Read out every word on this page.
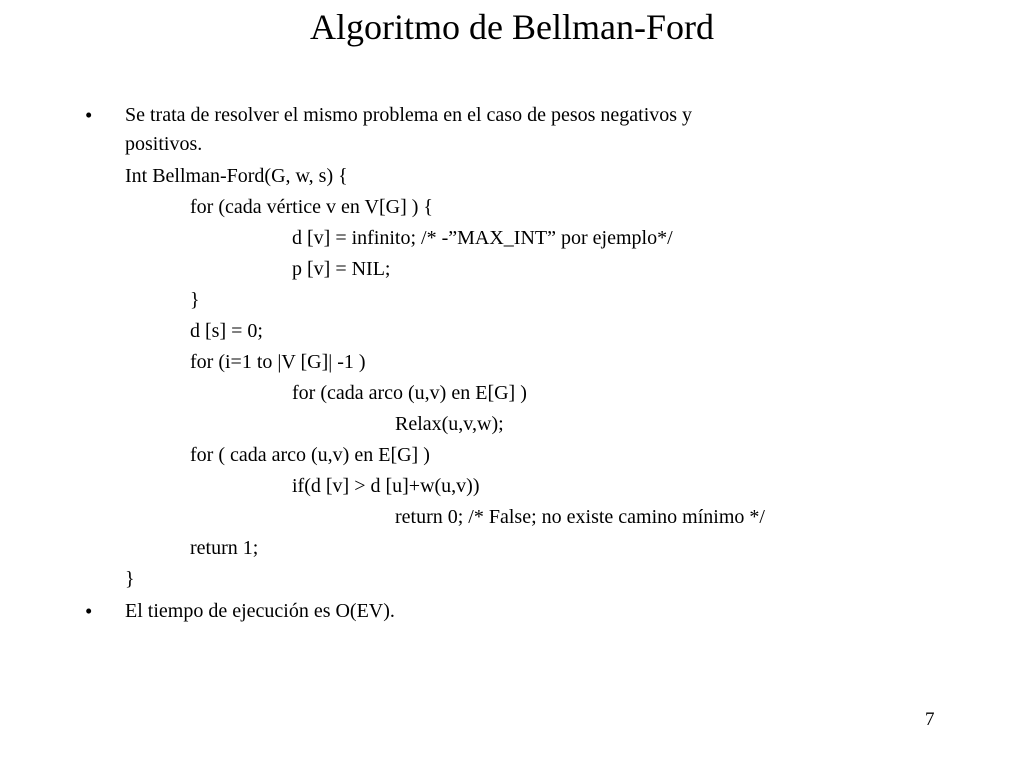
Algoritmo de Bellman-Ford
•	Se trata de resolver el mismo problema en el caso de pesos negativos y
positivos.
Int Bellman-Ford(G, w, s) {
for (cada vértice v en V[G] ) {
d [v] = infinito; /* -”MAX_INT” por ejemplo*/
p [v] = NIL;
}
d [s] = 0;
for (i=1 to |V [G]| -1 )
for (cada arco (u,v) en E[G] )
Relax(u,v,w);
for ( cada arco (u,v) en E[G] )
if(d [v] > d [u]+w(u,v))
return 0; /* False; no existe camino mínimo */
return 1;
}
•	El tiempo de ejecución es O(EV).
7
